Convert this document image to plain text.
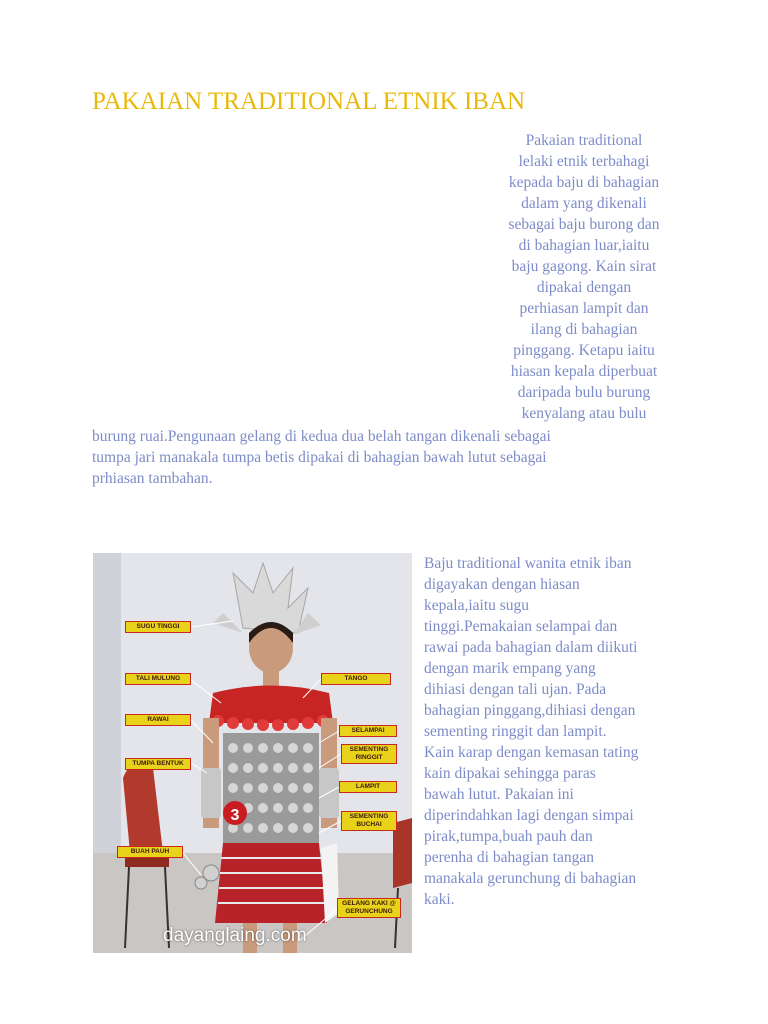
PAKAIAN TRADITIONAL ETNIK IBAN
Pakaian traditional
lelaki etnik terbahagi
kepada baju di bahagian
dalam yang dikenali
sebagai baju burong dan
di bahagian luar,iaitu
baju gagong. Kain sirat
dipakai dengan
perhiasan lampit dan
ilang di bahagian
pinggang. Ketapu iaitu
hiasan kepala diperbuat
daripada bulu burung
kenyalang atau bulu
burung ruai.Pengunaan gelang di kedua dua belah tangan dikenali sebagai
tumpa jari manakala tumpa betis dipakai di bahagian bawah lutut sebagai
prhiasan tambahan.
3
SUGU TINGGI
TALI MULUNG
RAWAI
TUMPA BENTUK
BUAH PAUH
TANGO
SELAMPAI
SEMENTING RINGGIT
LAMPIT
SEMENTING BUCHAI
GELANG KAKI @ GERUNCHUNG
dayanglaing.com
Baju traditional wanita etnik iban
digayakan dengan hiasan
kepala,iaitu sugu
tinggi.Pemakaian selampai dan
rawai pada bahagian dalam diikuti
dengan marik empang yang
dihiasi dengan tali ujan. Pada
bahagian pinggang,dihiasi dengan
sementing ringgit dan lampit.
Kain karap dengan kemasan tating
kain dipakai sehingga paras
bawah lutut. Pakaian ini
diperindahkan lagi dengan simpai
pirak,tumpa,buah pauh dan
perenha di bahagian tangan
manakala gerunchung di bahagian
kaki.
